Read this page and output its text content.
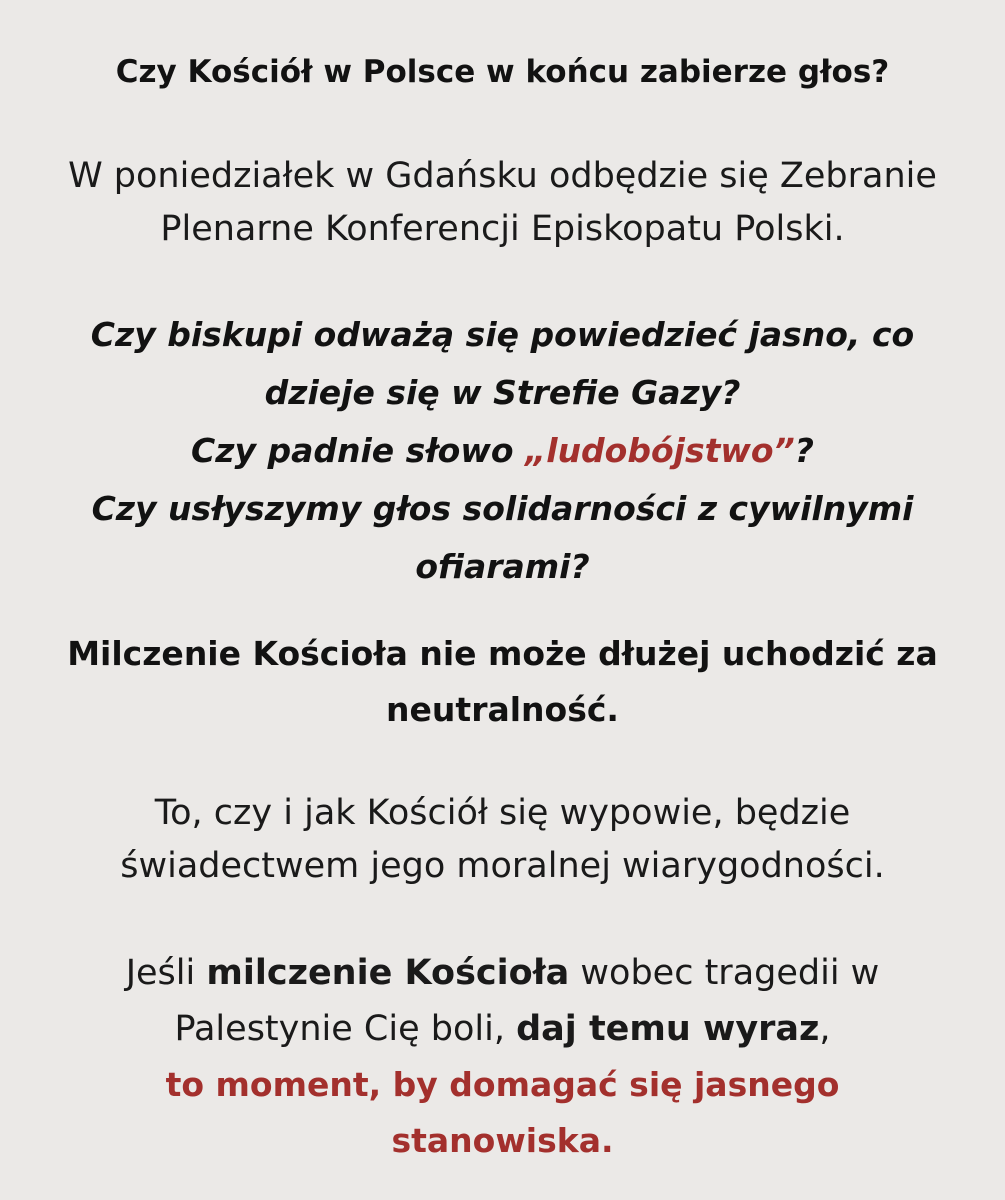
Czy Kościół w Polsce w końcu zabierze głos?
W poniedziałek w Gdańsku odbędzie się Zebranie
Plenarne Konferencji Episkopatu Polski.
Czy biskupi odważą się powiedzieć jasno, co
dzieje się w Strefie Gazy?
Czy padnie słowo „ludobójstwo”?
Czy usłyszymy głos solidarności z cywilnymi
ofiarami?
Milczenie Kościoła nie może dłużej uchodzić za
neutralność.
To, czy i jak Kościół się wypowie, będzie
świadectwem jego moralnej wiarygodności.
Jeśli milczenie Kościoła wobec tragedii w
Palestynie Cię boli, daj temu wyraz,
to moment, by domagać się jasnego
stanowiska.
